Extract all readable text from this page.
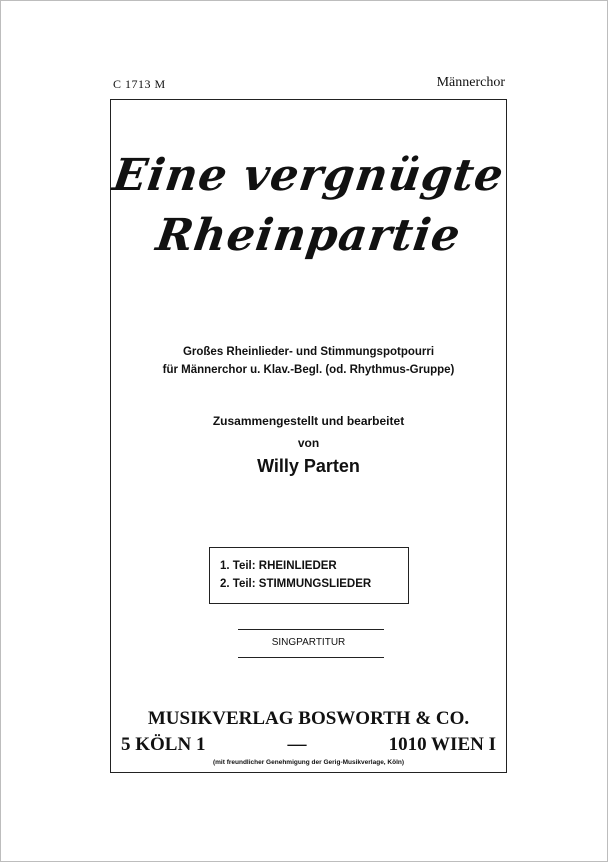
C 1713 M	Männerchor
Eine vergnügte
Rheinpartie
Großes Rheinlieder- und Stimmungspotpourri
für Männerchor u. Klav.-Begl. (od. Rhythmus-Gruppe)
Zusammengestellt und bearbeitet
von
Willy Parten
1. Teil: RHEINLIEDER
2. Teil: STIMMUNGSLIEDER
SINGPARTITUR
MUSIKVERLAG BOSWORTH & CO.
5 KÖLN 1	—	1010 WIEN I
(mit freundlicher Genehmigung der Gerig-Musikverlage, Köln)
